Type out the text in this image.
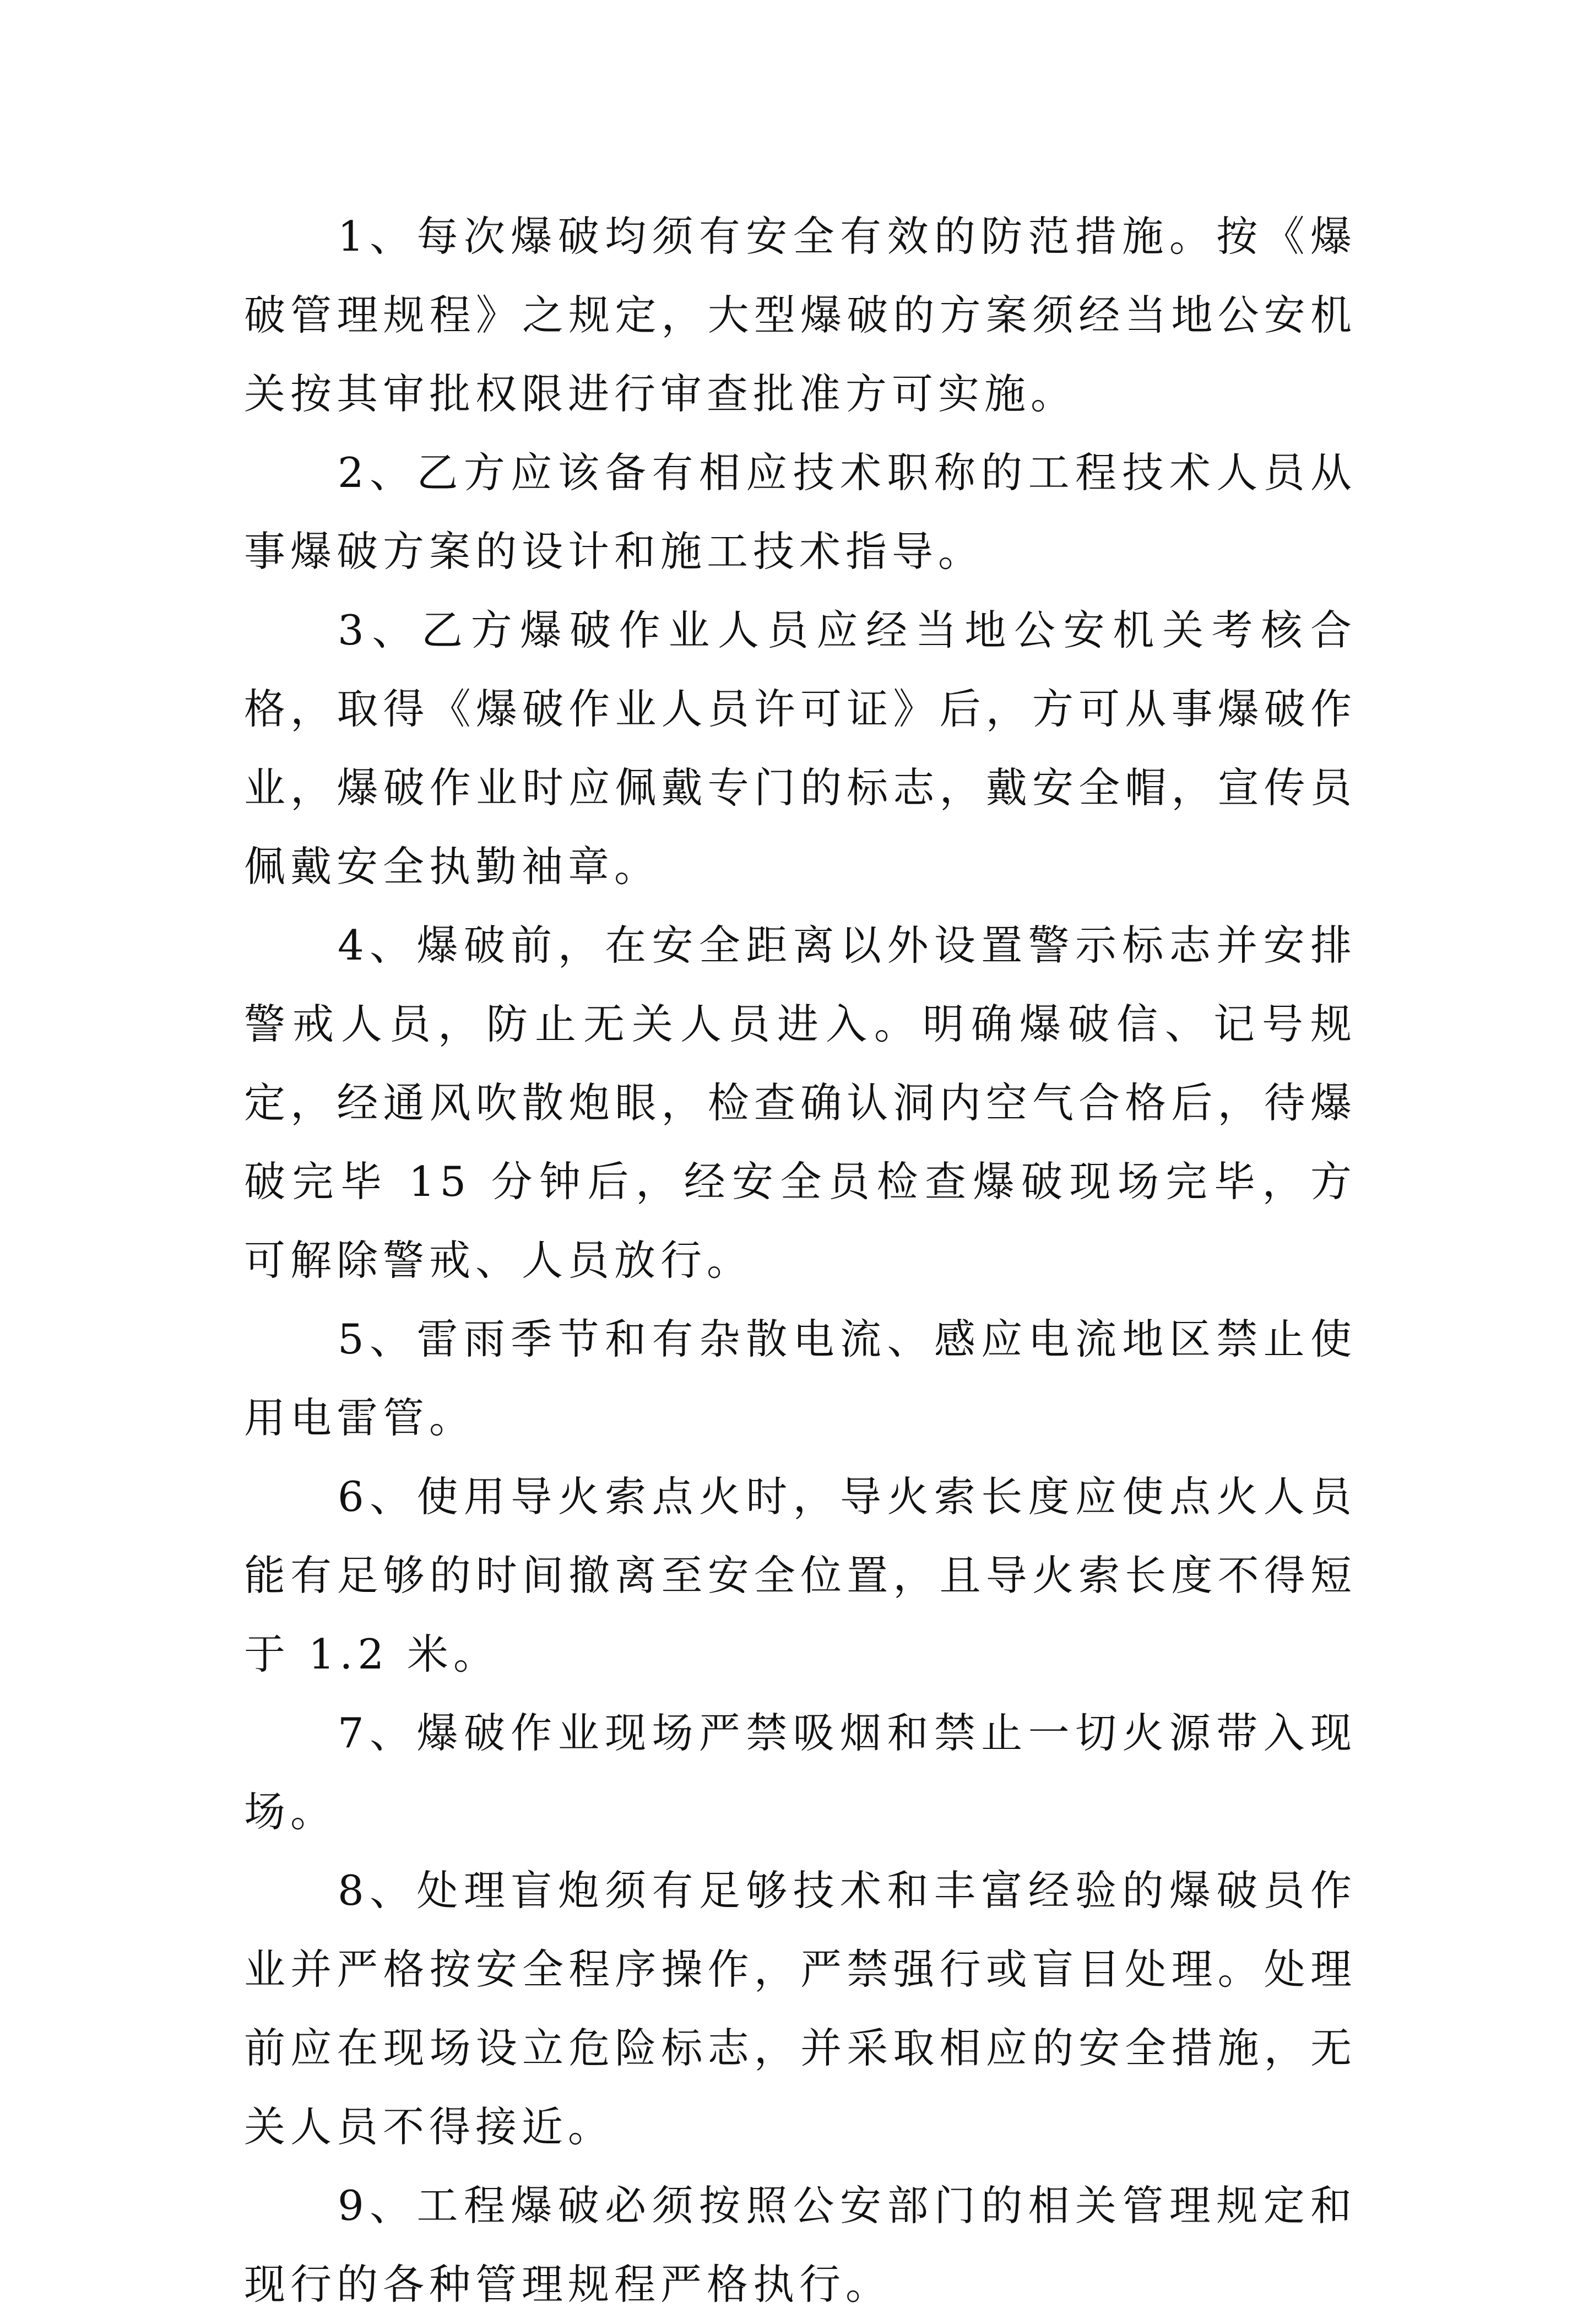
1、每次爆破均须有安全有效的防范措施。按《爆破管理规程》之规定，大型爆破的方案须经当地公安机关按其审批权限进行审查批准方可实施。

2、乙方应该备有相应技术职称的工程技术人员从事爆破方案的设计和施工技术指导。

3、乙方爆破作业人员应经当地公安机关考核合格，取得《爆破作业人员许可证》后，方可从事爆破作业，爆破作业时应佩戴专门的标志，戴安全帽，宣传员佩戴安全执勤袖章。

4、爆破前，在安全距离以外设置警示标志并安排警戒人员，防止无关人员进入。明确爆破信、记号规定，经通风吹散炮眼，检查确认洞内空气合格后，待爆破完毕 15 分钟后，经安全员检查爆破现场完毕，方可解除警戒、人员放行。

5、雷雨季节和有杂散电流、感应电流地区禁止使用电雷管。

6、使用导火索点火时，导火索长度应使点火人员能有足够的时间撤离至安全位置，且导火索长度不得短于 1.2 米。

7、爆破作业现场严禁吸烟和禁止一切火源带入现场。

8、处理盲炮须有足够技术和丰富经验的爆破员作业并严格按安全程序操作，严禁强行或盲目处理。处理前应在现场设立危险标志，并采取相应的安全措施，无关人员不得接近。

9、工程爆破必须按照公安部门的相关管理规定和现行的各种管理规程严格执行。
